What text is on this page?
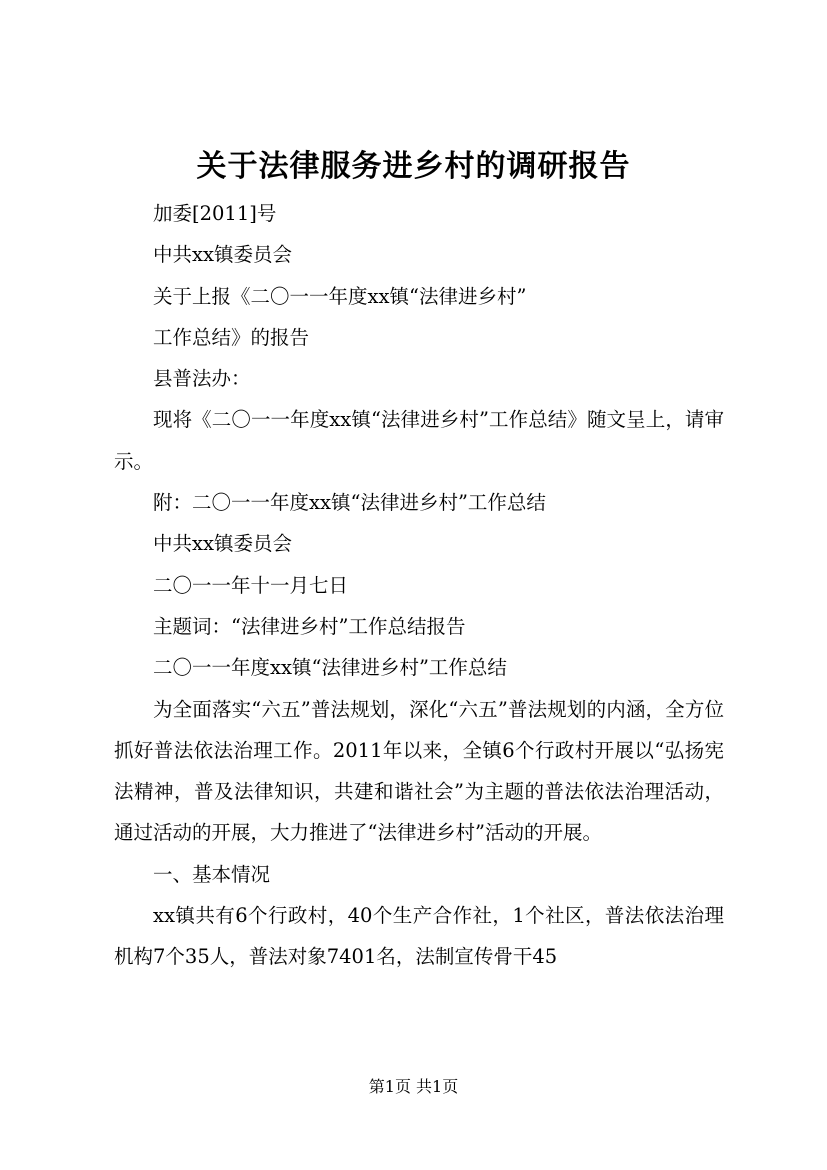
关于法律服务进乡村的调研报告

加委[2011]号

中共xx镇委员会

关于上报《二〇一一年度xx镇“法律进乡村”

工作总结》的报告

县普法办：

现将《二〇一一年度xx镇“法律进乡村”工作总结》随文呈上，请审示。

附：二〇一一年度xx镇“法律进乡村”工作总结

中共xx镇委员会

二〇一一年十一月七日

主题词：“法律进乡村”工作总结报告

二〇一一年度xx镇“法律进乡村”工作总结

为全面落实“六五”普法规划，深化“六五”普法规划的内涵，全方位抓好普法依法治理工作。2011年以来，全镇6个行政村开展以“弘扬宪法精神，普及法律知识，共建和谐社会”为主题的普法依法治理活动，通过活动的开展，大力推进了“法律进乡村”活动的开展。

一、基本情况

xx镇共有6个行政村，40个生产合作社，1个社区，普法依法治理机构7个35人，普法对象7401名，法制宣传骨干45

第1页 共1页
